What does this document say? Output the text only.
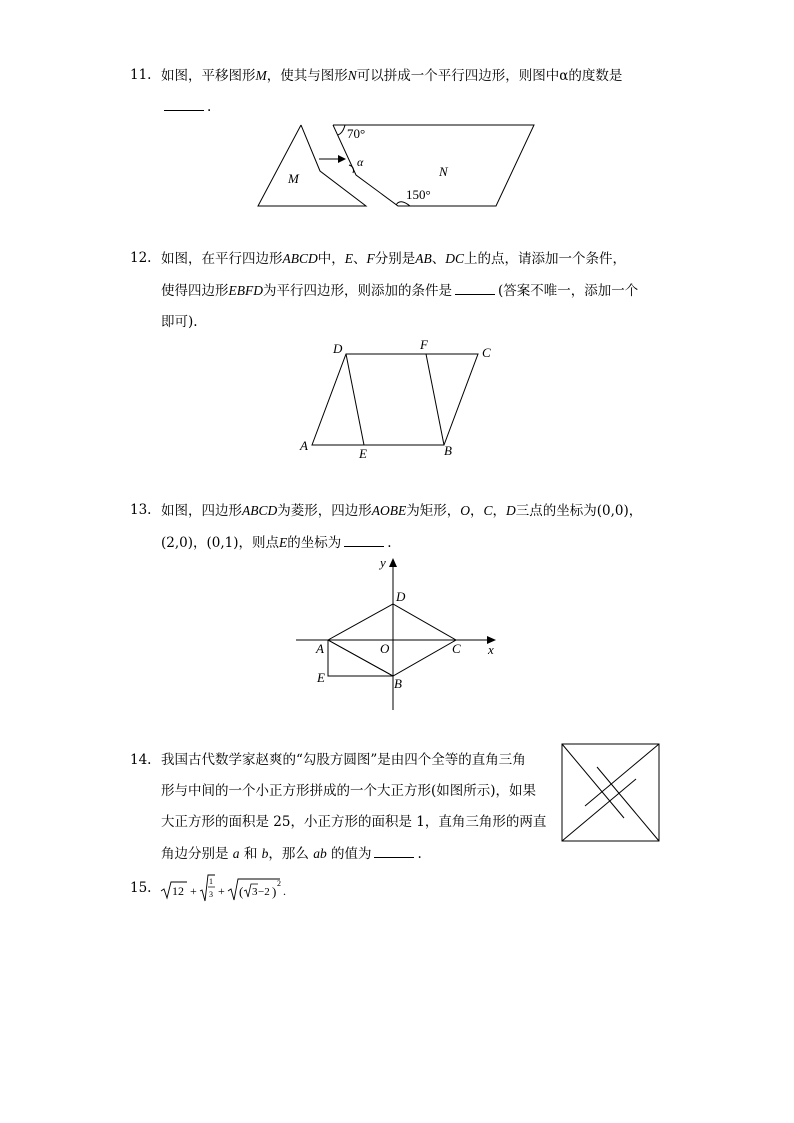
11. 如图，平移图形M，使其与图形N可以拼成一个平行四边形，则图中α的度数是
.
70°
α
150°
M	N
12. 如图，在平行四边形ABCD中，E、F分别是AB、DC上的点，请添加一个条件，
使得四边形EBFD为平行四边形，则添加的条件是	(答案不唯一，添加一个
即可).
D	F
C
A
E	B
13. 如图，四边形ABCD为菱形，四边形AOBE为矩形，O，C，D三点的坐标为(0,0)，
(2,0)，(0,1)，则点E的坐标为	.
y
x
D
A	O	C
E	B
14. 我国古代数学家赵爽的“勾股方圆图”是由四个全等的直角三角
形与中间的一个小正方形拼成的一个大正方形(如图所示)，如果
大正方形的面积是 25，小正方形的面积是 1，直角三角形的两直
角边分别是 a 和 b，那么 ab 的值为	.
15. 12 +
1
3 + ( 3 −2 )
2
.
